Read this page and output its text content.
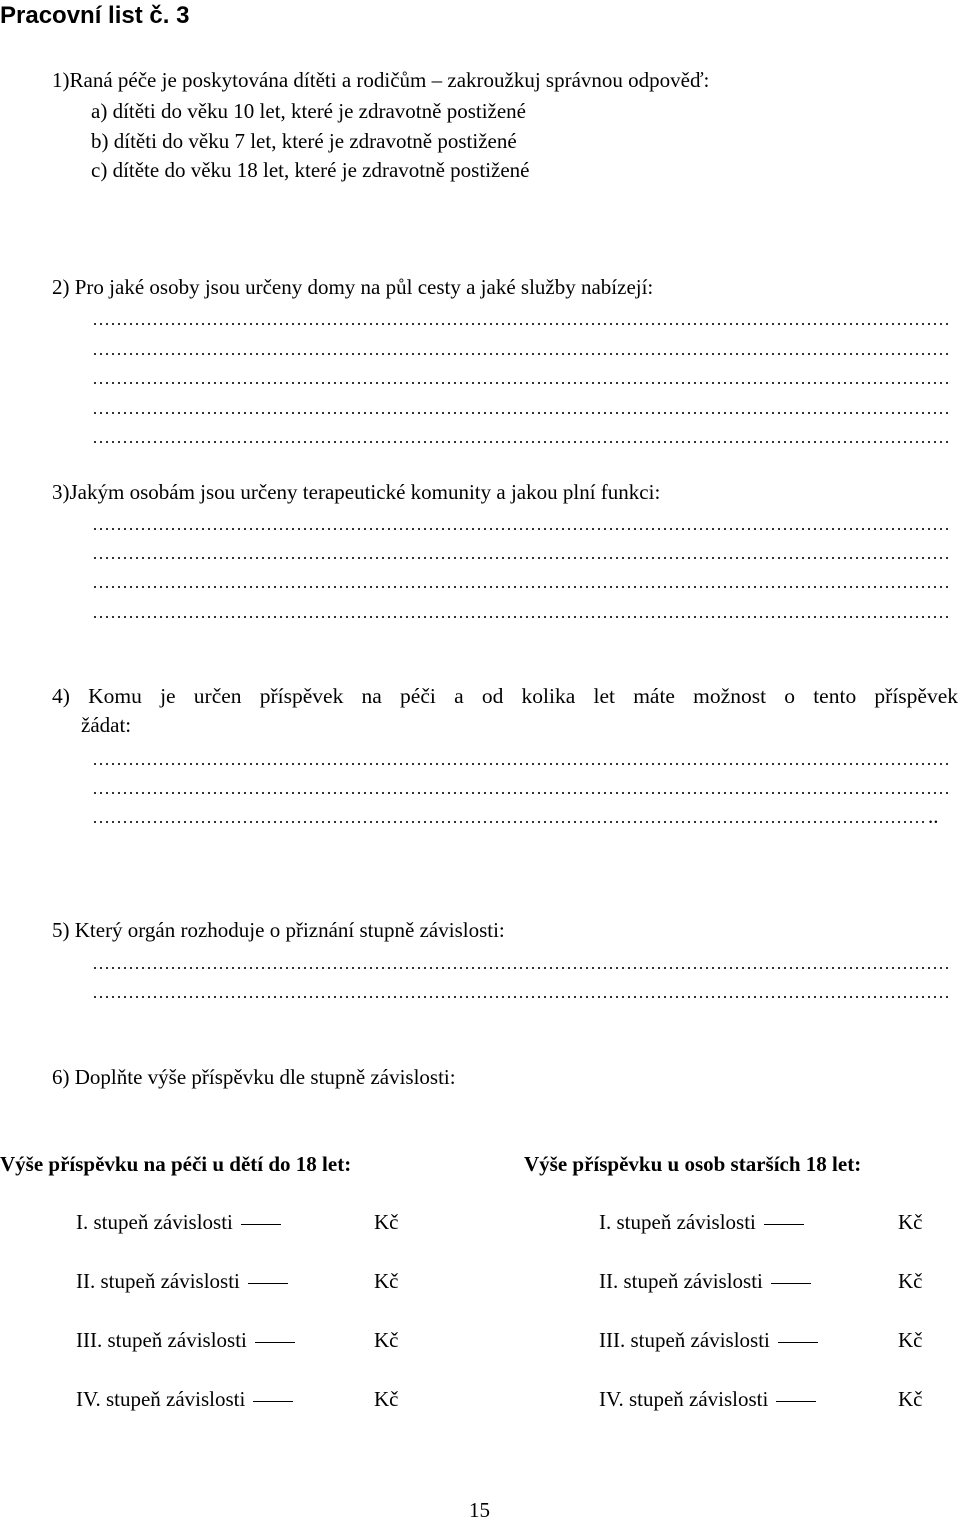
Pracovní list č. 3
1)Raná péče je poskytována dítěti a rodičům – zakroužkuj správnou odpověď:
a) dítěti do věku 10 let, které je zdravotně postižené
b) dítěti do věku 7 let, které je zdravotně postižené
c) dítěte do věku 18 let, které je zdravotně postižené
2) Pro jaké osoby jsou určeny domy na půl cesty a jaké služby nabízejí:
3)Jakým osobám jsou určeny terapeutické komunity a jakou plní funkci:
4) Komu je určen příspěvek na péči a od kolika let máte možnost o tento příspěvek
žádat:
..
5) Který orgán rozhoduje o přiznání stupně závislosti:
6) Doplňte výše příspěvku dle stupně závislosti:
Výše příspěvku na péči u dětí do 18 let:	Výše příspěvku u osob starších 18 let:
I. stupeň závislosti	Kč
II. stupeň závislosti	Kč
III. stupeň závislosti	Kč
IV. stupeň závislosti	Kč
I. stupeň závislosti	Kč
II. stupeň závislosti	Kč
III. stupeň závislosti	Kč
IV. stupeň závislosti	Kč
15
